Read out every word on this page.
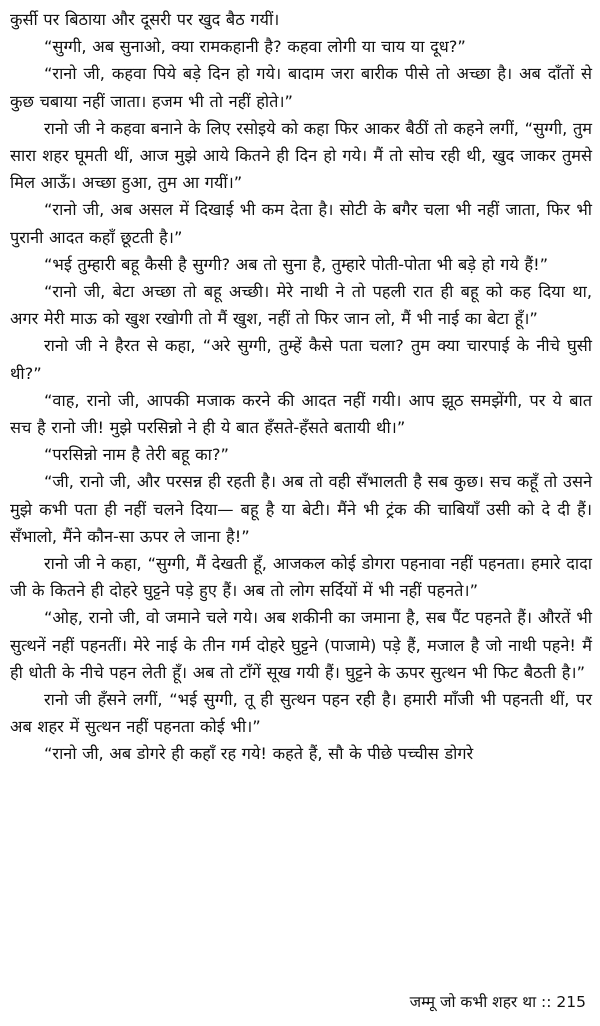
कुर्सी पर बिठाया और दूसरी पर खुद बैठ गयीं।

“सुग्गी, अब सुनाओ, क्या रामकहानी है? कहवा लोगी या चाय या दूध?”

“रानो जी, कहवा पिये बड़े दिन हो गये। बादाम जरा बारीक पीसे तो अच्छा है। अब दाँतों से कुछ चबाया नहीं जाता। हजम भी तो नहीं होते।”

रानो जी ने कहवा बनाने के लिए रसोइये को कहा फिर आकर बैठीं तो कहने लगीं, “सुग्गी, तुम सारा शहर घूमती थीं, आज मुझे आये कितने ही दिन हो गये। मैं तो सोच रही थी, खुद जाकर तुमसे मिल आऊँ। अच्छा हुआ, तुम आ गयीं।”

“रानो जी, अब असल में दिखाई भी कम देता है। सोटी के बगैर चला भी नहीं जाता, फिर भी पुरानी आदत कहाँ छूटती है।”

“भई तुम्हारी बहू कैसी है सुग्गी? अब तो सुना है, तुम्हारे पोती-पोता भी बड़े हो गये हैं!”

“रानो जी, बेटा अच्छा तो बहू अच्छी। मेरे नाथी ने तो पहली रात ही बहू को कह दिया था, अगर मेरी माऊ को खुश रखोगी तो मैं खुश, नहीं तो फिर जान लो, मैं भी नाई का बेटा हूँ।”

रानो जी ने हैरत से कहा, “अरे सुग्गी, तुम्हें कैसे पता चला? तुम क्या चारपाई के नीचे घुसी थी?”

“वाह, रानो जी, आपकी मजाक करने की आदत नहीं गयी। आप झूठ समझेंगी, पर ये बात सच है रानो जी! मुझे परसिन्नो ने ही ये बात हँसते-हँसते बतायी थी।”

“परसिन्नो नाम है तेरी बहू का?”

“जी, रानो जी, और परसन्न ही रहती है। अब तो वही सँभालती है सब कुछ। सच कहूँ तो उसने मुझे कभी पता ही नहीं चलने दिया— बहू है या बेटी। मैंने भी ट्रंक की चाबियाँ उसी को दे दी हैं। सँभालो, मैंने कौन-सा ऊपर ले जाना है!”

रानो जी ने कहा, “सुग्गी, मैं देखती हूँ, आजकल कोई डोगरा पहनावा नहीं पहनता। हमारे दादा जी के कितने ही दोहरे घुट्टने पड़े हुए हैं। अब तो लोग सर्दियों में भी नहीं पहनते।”

“ओह, रानो जी, वो जमाने चले गये। अब शकीनी का जमाना है, सब पैंट पहनते हैं। औरतें भी सुत्थनें नहीं पहनतीं। मेरे नाई के तीन गर्म दोहरे घुट्टने (पाजामे) पड़े हैं, मजाल है जो नाथी पहने! मैं ही धोती के नीचे पहन लेती हूँ। अब तो टाँगें सूख गयी हैं। घुट्टने के ऊपर सुत्थन भी फिट बैठती है।”

रानो जी हँसने लगीं, “भई सुग्गी, तू ही सुत्थन पहन रही है। हमारी माँजी भी पहनती थीं, पर अब शहर में सुत्थन नहीं पहनता कोई भी।”

“रानो जी, अब डोगरे ही कहाँ रह गये! कहते हैं, सौ के पीछे पच्चीस डोगरे

जम्मू जो कभी शहर था :: 215
